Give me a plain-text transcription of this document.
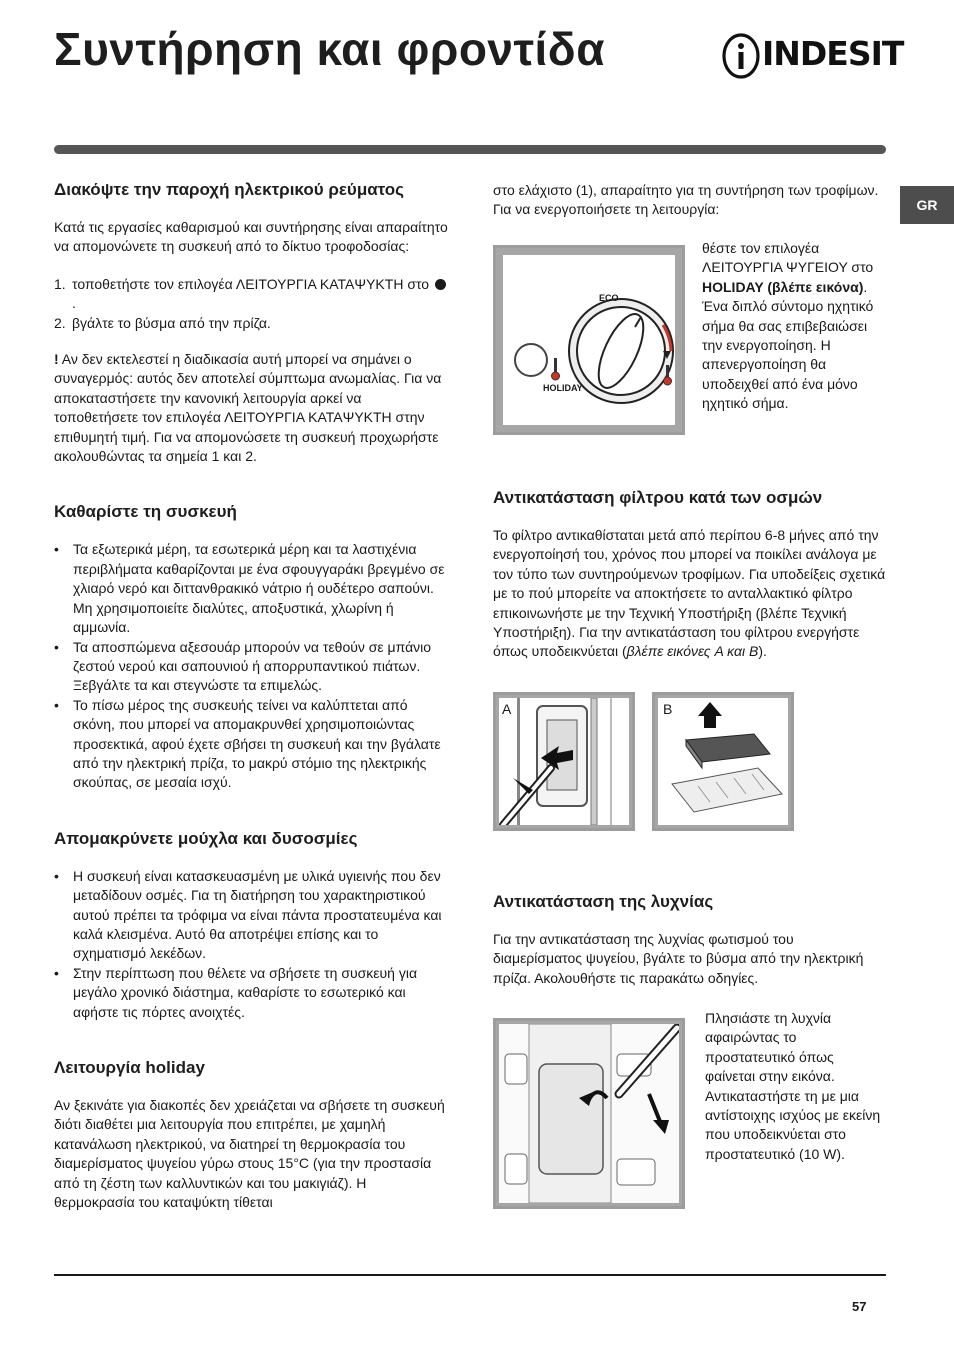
Συντήρηση και φροντίδα	INDESIT
GR
Διακόψτε την παροχή ηλεκτρικού ρεύματος

Κατά τις εργασίες καθαρισμού και συντήρησης είναι απαραίτητο να απομονώνετε τη συσκευή από το δίκτυο τροφοδοσίας:

1. τοποθετήστε τον επιλογέα ΛΕΙΤΟΥΡΓΙΑ ΚΑΤΑΨΥΚΤΗ στο .
2. βγάλτε το βύσμα από την πρίζα.

! Αν δεν εκτελεστεί η διαδικασία αυτή μπορεί να σημάνει ο συναγερμός: αυτός δεν αποτελεί σύμπτωμα ανωμαλίας. Για να αποκαταστήσετε την κανονική λειτουργία αρκεί να τοποθετήσετε τον επιλογέα ΛΕΙΤΟΥΡΓΙΑ ΚΑΤΑΨΥΚΤΗ στην επιθυμητή τιμή. Για να απομονώσετε τη συσκευή προχωρήστε ακολουθώντας τα σημεία 1 και 2.

Καθαρίστε τη συσκευή
• Τα εξωτερικά μέρη, τα εσωτερικά μέρη και τα λαστιχένια περιβλήματα καθαρίζονται με ένα σφουγγαράκι βρεγμένο σε χλιαρό νερό και διττανθρακικό νάτριο ή ουδέτερο σαπούνι. Μη χρησιμοποιείτε διαλύτες, αποξυστικά, χλωρίνη ή αμμωνία.
• Τα αποσπώμενα αξεσουάρ μπορούν να τεθούν σε μπάνιο ζεστού νερού και σαπουνιού ή απορρυπαντικού πιάτων. Ξεβγάλτε τα και στεγνώστε τα επιμελώς.
• Το πίσω μέρος της συσκευής τείνει να καλύπτεται από σκόνη, που μπορεί να απομακρυνθεί χρησιμοποιώντας προσεκτικά, αφού έχετε σβήσει τη συσκευή και την βγάλατε από την ηλεκτρική πρίζα, το μακρύ στόμιο της ηλεκτρικής σκούπας, σε μεσαία ισχύ.
Απομακρύνετε μούχλα και δυσοσμίες
• Η συσκευή είναι κατασκευασμένη με υλικά υγιεινής που δεν μεταδίδουν οσμές. Για τη διατήρηση του χαρακτηριστικού αυτού πρέπει τα τρόφιμα να είναι πάντα προστατευμένα και καλά κλεισμένα. Αυτό θα αποτρέψει επίσης και το σχηματισμό λεκέδων.
• Στην περίπτωση που θέλετε να σβήσετε τη συσκευή για μεγάλο χρονικό διάστημα, καθαρίστε το εσωτερικό και αφήστε τις πόρτες ανοιχτές.
Λειτουργία holiday

Αν ξεκινάτε για διακοπές δεν χρειάζεται να σβήσετε τη συσκευή διότι διαθέτει μια λειτουργία που επιτρέπει, με χαμηλή κατανάλωση ηλεκτρικού, να διατηρεί τη θερμοκρασία του διαμερίσματος ψυγείου γύρω στους 15°C (για την προστασία από τη ζέστη των καλλυντικών και του μακιγιάζ). Η θερμοκρασία του καταψύκτη τίθεται

στο ελάχιστο (1), απαραίτητο για τη συντήρηση των τροφίμων. Για να ενεργοποιήσετε τη λειτουργία:

ECO
HOLIDAY
θέστε τον επιλογέα ΛΕΙΤΟΥΡΓΙΑ ΨΥΓΕΙΟΥ στο HOLIDAY (βλέπε εικόνα).
Ένα διπλό σύντομο ηχητικό σήμα θα σας επιβεβαιώσει την ενεργοποίηση. Η απενεργοποίηση θα υποδειχθεί από ένα μόνο ηχητικό σήμα.
Αντικατάσταση φίλτρου κατά των οσμών

Το φίλτρο αντικαθίσταται μετά από περίπου 6-8 μήνες από την ενεργοποίησή του, χρόνος που μπορεί να ποικίλει ανάλογα με τον τύπο των συντηρούμενων τροφίμων. Για υποδείξεις σχετικά με το πού μπορείτε να αποκτήσετε το ανταλλακτικό φίλτρο επικοινωνήστε με την Τεχνική Υποστήριξη (βλέπε Τεχνική Υποστήριξη). Για την αντικατάσταση του φίλτρου ενεργήστε όπως υποδεικνύεται (βλέπε εικόνες A και B).

A	B
Αντικατάσταση της λυχνίας

Για την αντικατάσταση της λυχνίας φωτισμού του διαμερίσματος ψυγείου, βγάλτε το βύσμα από την ηλεκτρική πρίζα. Ακολουθήστε τις παρακάτω οδηγίες.

Πλησιάστε τη λυχνία αφαιρώντας το προστατευτικό όπως φαίνεται στην εικόνα. Αντικαταστήστε τη με μια αντίστοιχης ισχύος με εκείνη που υποδεικνύεται στο προστατευτικό (10 W).
57
